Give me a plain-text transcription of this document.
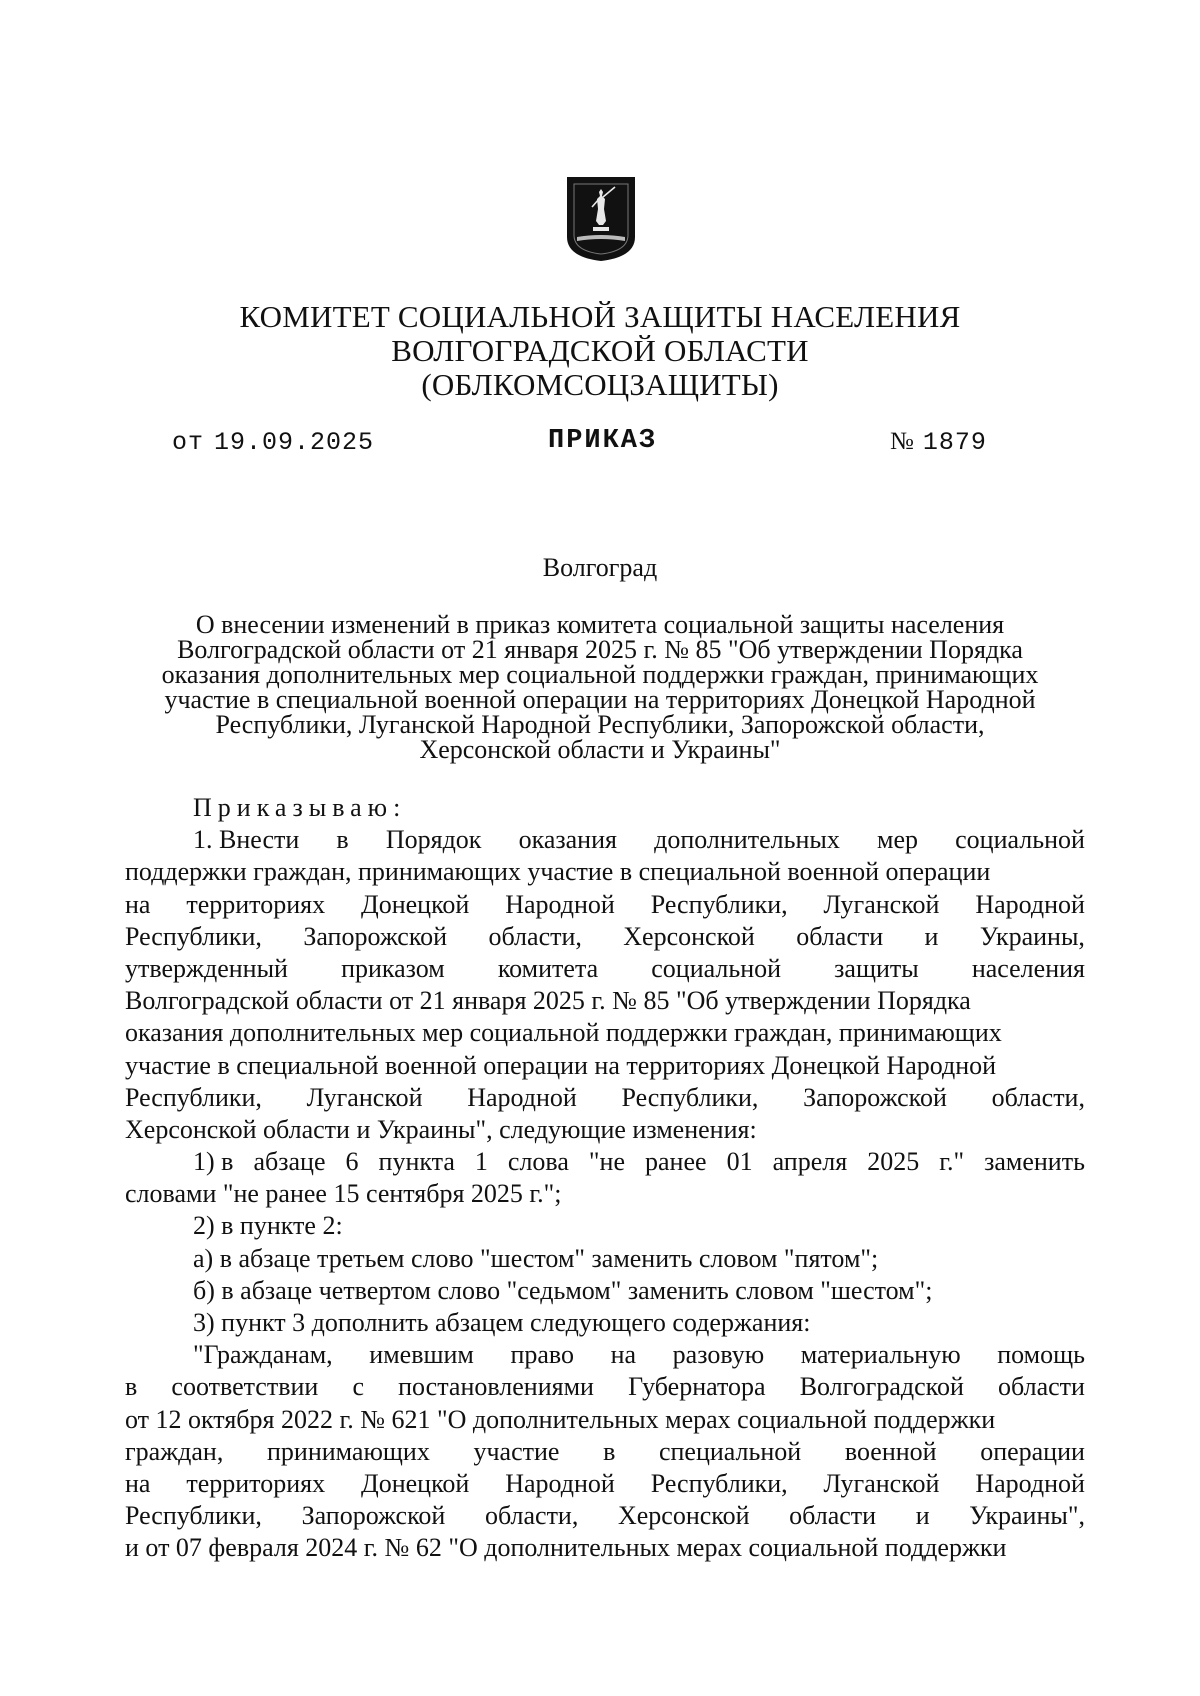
КОМИТЕТ СОЦИАЛЬНОЙ ЗАЩИТЫ НАСЕЛЕНИЯ
ВОЛГОГРАДСКОЙ ОБЛАСТИ
(ОБЛКОМСОЦЗАЩИТЫ)
от 19.09.2025	ПРИКАЗ	№ 1879
Волгоград
О внесении изменений в приказ комитета социальной защиты населения
Волгоградской области от 21 января 2025 г. № 85 "Об утверждении Порядка
оказания дополнительных мер социальной поддержки граждан, принимающих
участие в специальной военной операции на территориях Донецкой Народной
Республики, Луганской Народной Республики, Запорожской области,
Херсонской области и Украины"
Приказываю:
1. Внести в Порядок оказания дополнительных мер социальной
поддержки граждан, принимающих участие в специальной военной операции
на территориях Донецкой Народной Республики, Луганской Народной
Республики, Запорожской области, Херсонской области и Украины,
утвержденный приказом комитета социальной защиты населения
Волгоградской области от 21 января 2025 г. № 85 "Об утверждении Порядка
оказания дополнительных мер социальной поддержки граждан, принимающих
участие в специальной военной операции на территориях Донецкой Народной
Республики, Луганской Народной Республики, Запорожской области,
Херсонской области и Украины", следующие изменения:
1) в абзаце 6 пункта 1 слова "не ранее 01 апреля 2025 г." заменить
словами "не ранее 15 сентября 2025 г.";
2) в пункте 2:
а) в абзаце третьем слово "шестом" заменить словом "пятом";
б) в абзаце четвертом слово "седьмом" заменить словом "шестом";
3) пункт 3 дополнить абзацем следующего содержания:
"Гражданам, имевшим право на разовую материальную помощь
в соответствии с постановлениями Губернатора Волгоградской области
от 12 октября 2022 г. № 621 "О дополнительных мерах социальной поддержки
граждан, принимающих участие в специальной военной операции
на территориях Донецкой Народной Республики, Луганской Народной
Республики, Запорожской области, Херсонской области и Украины",
и от 07 февраля 2024 г. № 62 "О дополнительных мерах социальной поддержки
